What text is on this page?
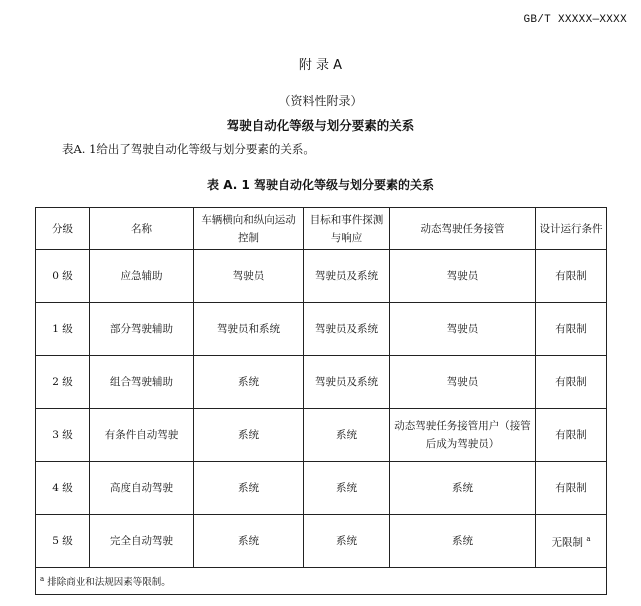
GB/T XXXXX—XXXX
附 录 A
（资料性附录）
驾驶自动化等级与划分要素的关系
表A. 1给出了驾驶自动化等级与划分要素的关系。
表 A. 1 驾驶自动化等级与划分要素的关系
分级	名称	车辆横向和纵向运动控制	目标和事件探测与响应	动态驾驶任务接管	设计运行条件
0 级	应急辅助	驾驶员	驾驶员及系统	驾驶员	有限制
1 级	部分驾驶辅助	驾驶员和系统	驾驶员及系统	驾驶员	有限制
2 级	组合驾驶辅助	系统	驾驶员及系统	驾驶员	有限制
3 级	有条件自动驾驶	系统	系统	动态驾驶任务接管用户（接管后成为驾驶员）	有限制
4 级	高度自动驾驶	系统	系统	系统	有限制
5 级	完全自动驾驶	系统	系统	系统	无限制 $^a$
$^a$ 排除商业和法规因素等限制。					
